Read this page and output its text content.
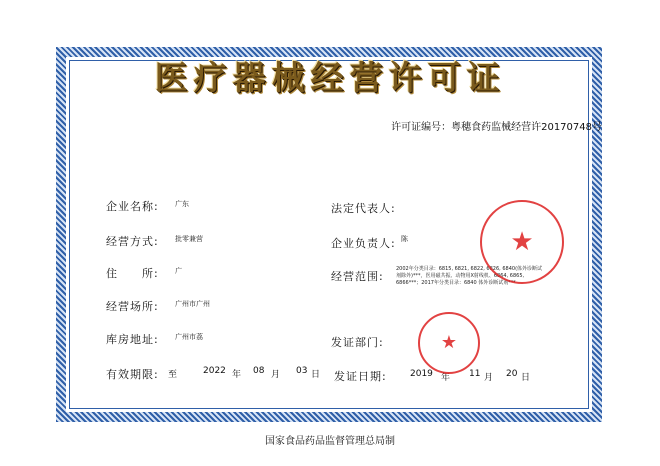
医疗器械经营许可证
许可证编号：粤穗食药监械经营许20170748号
企业名称: 广东
经营方式: 批零兼营
住　　所: 广
经营场所: 广州市广州
库房地址: 广州市荔
法定代表人:
企业负责人: 陈
经营范围:
2002年分类目录：6815, 6821, 6822, 6826, 6840(体外诊断试剂除外)***，医用磁共振、动物用X射线机、6864, 6865, 6866***；2017年分类目录：6840 体外诊断试剂***
发证部门:
有效期限: 至	2022 年 08 月 03 日 发证日期:	2019 年 11 月 20 日
★
★
国家食品药品监督管理总局制
